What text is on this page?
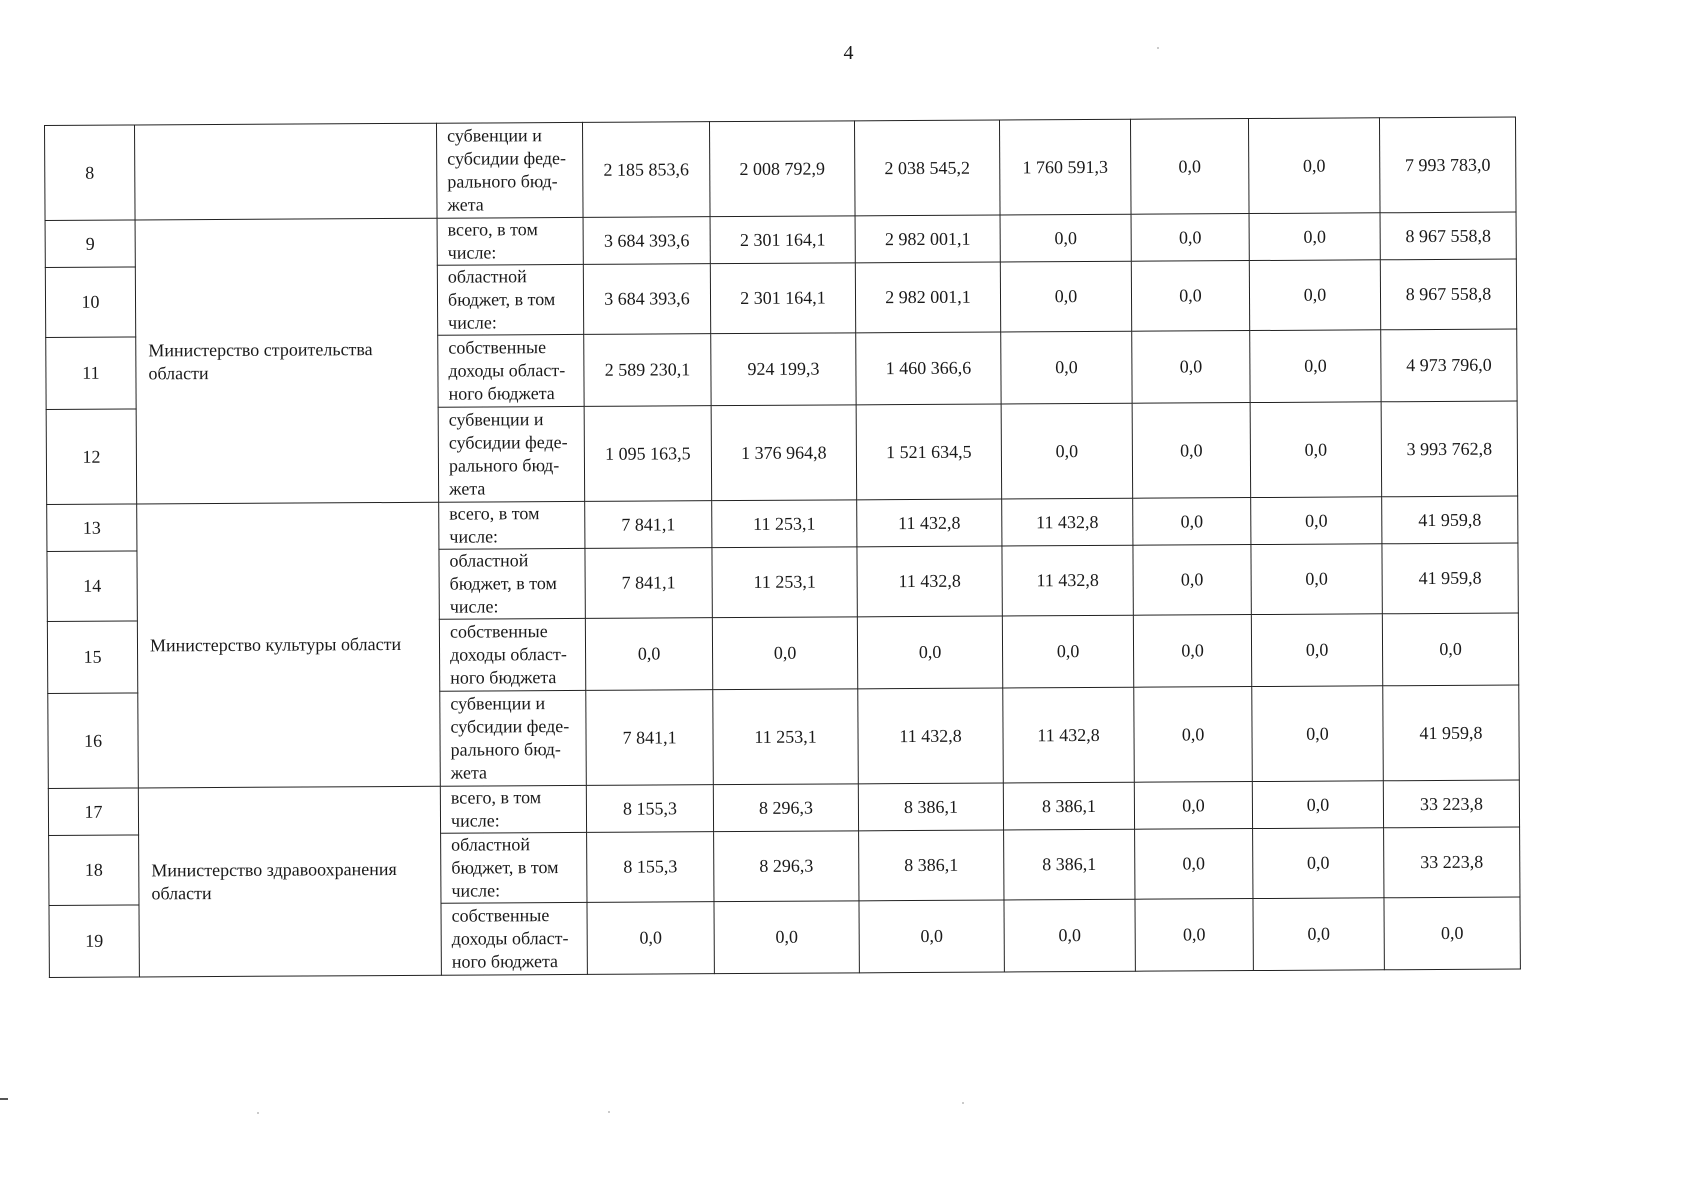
4
8		субвенции и субсидии феде-ральног​о бюд-жета	2 185 853,6	2 008 792,9	2 038 545,2	1 760 591,3	0,0	0,0	7 993 783,0
9	Министерство строительства области	всего, в том числе:	3 684 393,6	2 301 164,1	2 982 001,1	0,0	0,0	0,0	8 967 558,8
10		областной бюджет, в том числе:	3 684 393,6	2 301 164,1	2 982 001,1	0,0	0,0	0,0	8 967 558,8
11		собственные доходы област-ного бюджета	2 589 230,1	924 199,3	1 460 366,6	0,0	0,0	0,0	4 973 796,0
12		субвенции и субсидии феде-рального бюд-жета	1 095 163,5	1 376 964,8	1 521 634,5	0,0	0,0	0,0	3 993 762,8
13	Министерство культуры области	всего, в том числе:	7 841,1	11 253,1	11 432,8	11 432,8	0,0	0,0	41 959,8
14		областной бюджет, в том числе:	7 841,1	11 253,1	11 432,8	11 432,8	0,0	0,0	41 959,8
15		собственные доходы област-ного бюджета	0,0	0,0	0,0	0,0	0,0	0,0	0,0
16		субвенции и субсидии феде-рального бюд-жета	7 841,1	11 253,1	11 432,8	11 432,8	0,0	0,0	41 959,8
17	Министерство здравоохранения области	всего, в том числе:	8 155,3	8 296,3	8 386,1	8 386,1	0,0	0,0	33 223,8
18		областной бюджет, в том числе:	8 155,3	8 296,3	8 386,1	8 386,1	0,0	0,0	33 223,8
19		собственные доходы област-ного бюджета	0,0	0,0	0,0	0,0	0,0	0,0	0,0
